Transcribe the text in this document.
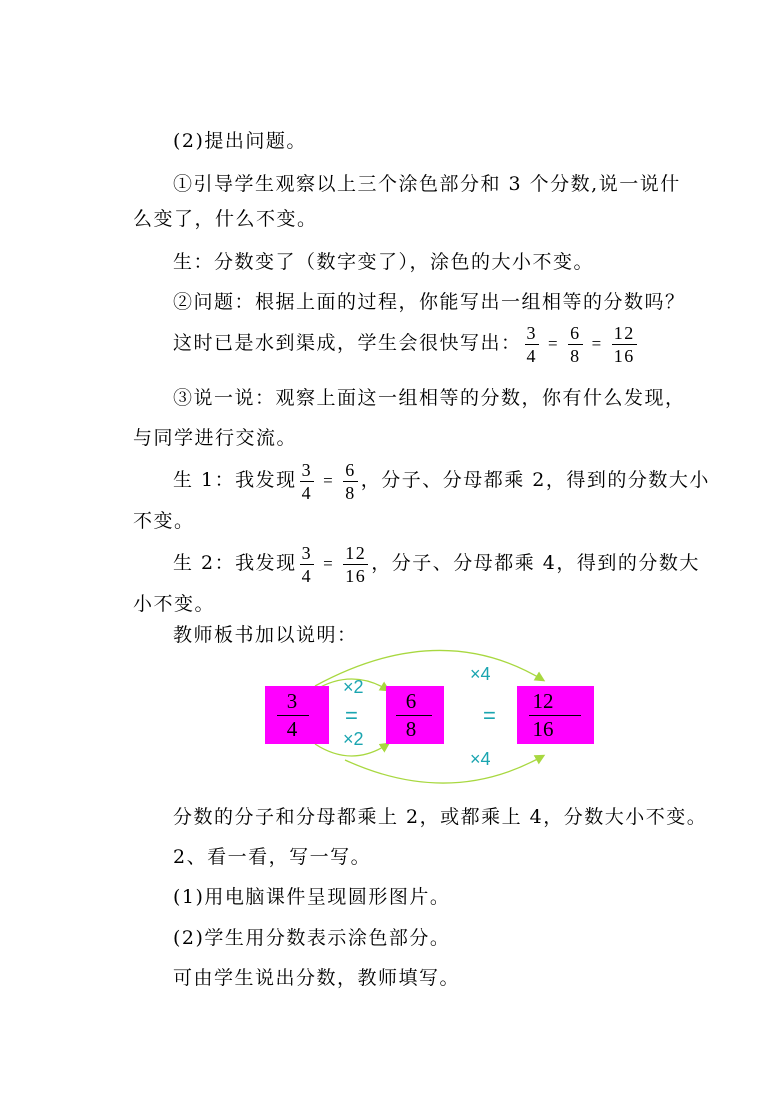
(2)提出问题。
①引导学生观察以上三个涂色部分和 3 个分数,说一说什
么变了，什么不变。
生：分数变了（数字变了），涂色的大小不变。
②问题：根据上面的过程，你能写出一组相等的分数吗？
这时已是水到渠成，学生会很快写出： $\frac{3}{4} = \frac{6}{8} = \frac{12}{16}$
③说一说：观察上面这一组相等的分数，你有什么发现，
与同学进行交流。
生 1：我发现 $\frac{3}{4} = \frac{6}{8}$ ，分子、分母都乘 2，得到的分数大小
不变。
生 2：我发现 $\frac{3}{4} = \frac{12}{16}$ ，分子、分母都乘 4，得到的分数大
小不变。
教师板书加以说明：
3
4
6
8
12
16
×2
×2
×4
×4
=	=
分数的分子和分母都乘上 2，或都乘上 4，分数大小不变。
2、看一看，写一写。
(1)用电脑课件呈现圆形图片。
(2)学生用分数表示涂色部分。
可由学生说出分数，教师填写。
